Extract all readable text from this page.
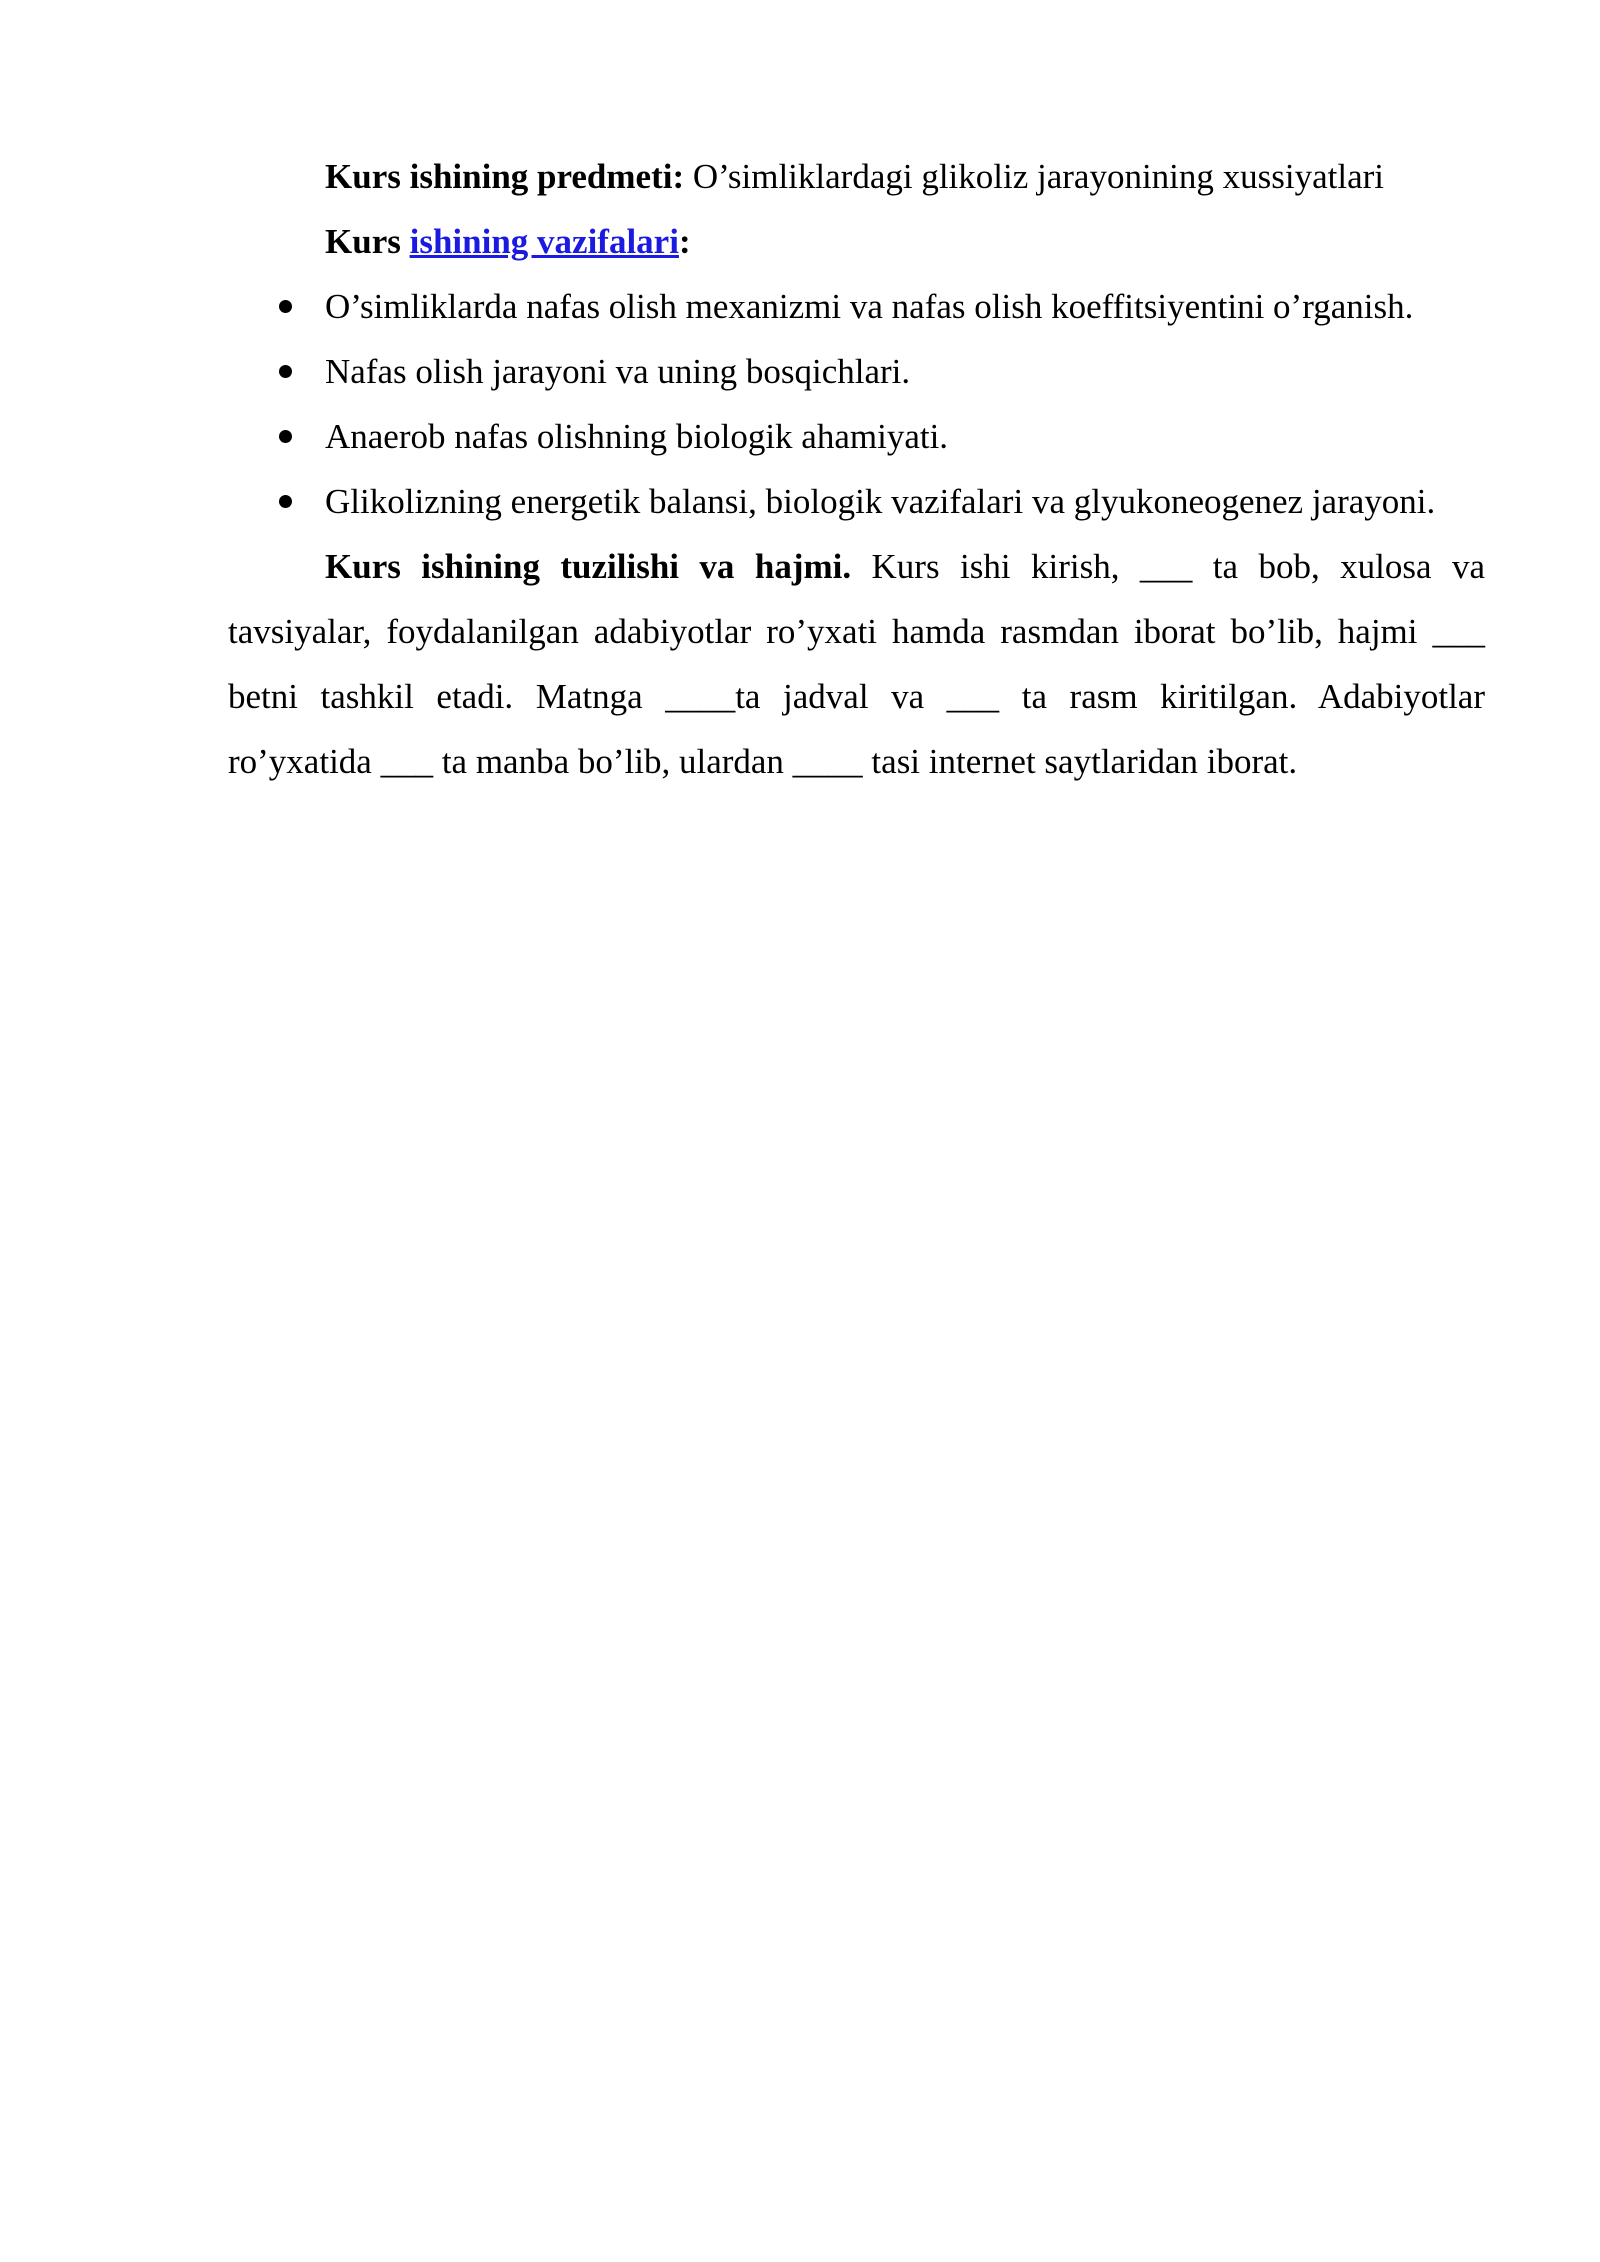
Kurs ishining predmeti: O’simliklardagi glikoliz jarayonining xussiyatlari

Kurs ishining vazifalari:

O’simliklarda nafas olish mexanizmi va nafas olish koeffitsiyentini o’rganish.
Nafas olish jarayoni va uning bosqichlari.
Anaerob nafas olishning biologik ahamiyati.
Glikolizning energetik balansi, biologik vazifalari va glyukoneogenez jarayoni.

Kurs ishining tuzilishi va hajmi. Kurs ishi kirish, ___ ta bob, xulosa va tavsiyalar, foydalanilgan adabiyotlar ro’yxati hamda rasmdan iborat bo’lib, hajmi ___ betni tashkil etadi. Matnga ____ta jadval va ___ ta rasm kiritilgan. Adabiyotlar ro’yxatida ___ ta manba bo’lib, ulardan ____ tasi internet saytlaridan iborat.
